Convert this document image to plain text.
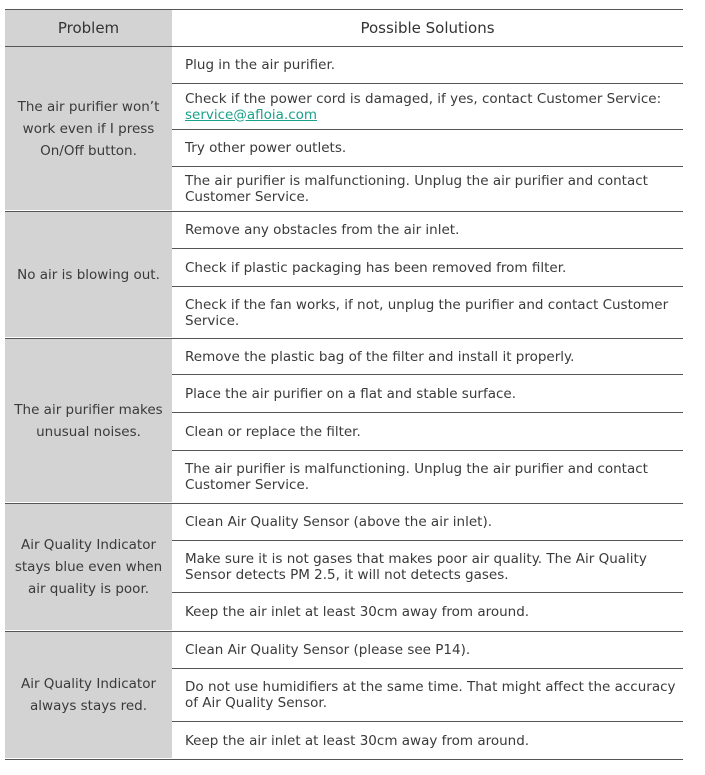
Problem	Possible Solutions
The air purifier won’t work even if I press On/Off button.
Plug in the air purifier.
Check if the power cord is damaged, if yes, contact Customer Service:
service@afloia.com
Try other power outlets.
The air purifier is malfunctioning. Unplug the air purifier and contact Customer Service.
No air is blowing out.
Remove any obstacles from the air inlet.
Check if plastic packaging has been removed from filter.
Check if the fan works, if not, unplug the purifier and contact Customer Service.
The air purifier makes unusual noises.
Remove the plastic bag of the filter and install it properly.
Place the air purifier on a flat and stable surface.
Clean or replace the filter.
The air purifier is malfunctioning. Unplug the air purifier and contact Customer Service.
Air Quality Indicator stays blue even when air quality is poor.
Clean Air Quality Sensor (above the air inlet).
Make sure it is not gases that makes poor air quality. The Air Quality Sensor detects PM 2.5, it will not detects gases.
Keep the air inlet at least 30cm away from around.
Air Quality Indicator always stays red.
Clean Air Quality Sensor (please see P14).
Do not use humidifiers at the same time. That might affect the accuracy of Air Quality Sensor.
Keep the air inlet at least 30cm away from around.
